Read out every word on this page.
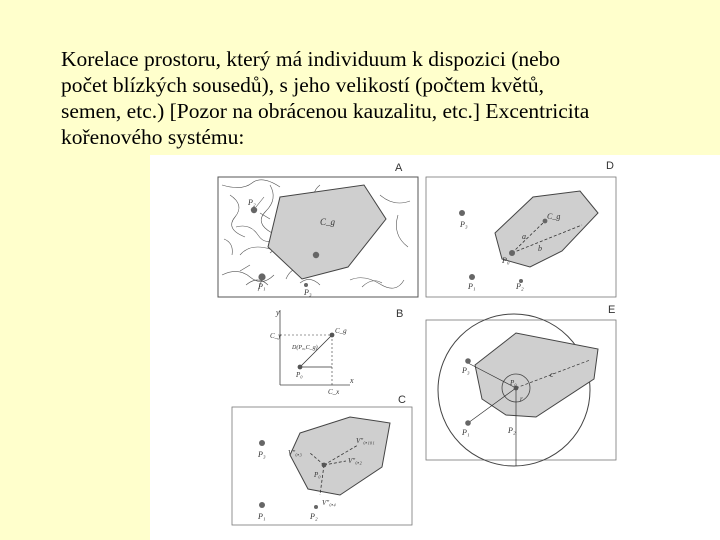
Korelace prostoru, který má individuum k dispozici (nebo
počet blízkých sousedů), s jeho velikostí (počtem květů,
semen, etc.) [Pozor na obrácenou kauzalitu, etc.] Excentricita
kořenového systému:
P₂
P₁
P₃
C_g
A
C_g
P₀
P₃
P₁	P₂
a
b
D
y
x
C_y
C_x
C_g
P₀
D(P₀,C_g)
B
P₃
P₁	P₂
P₀
c
r
E
P₃
P₁	P₂
P₀
V″₀,₁₀₁
V″₀,₂
V″₀,₃
V″₀,₄
C
